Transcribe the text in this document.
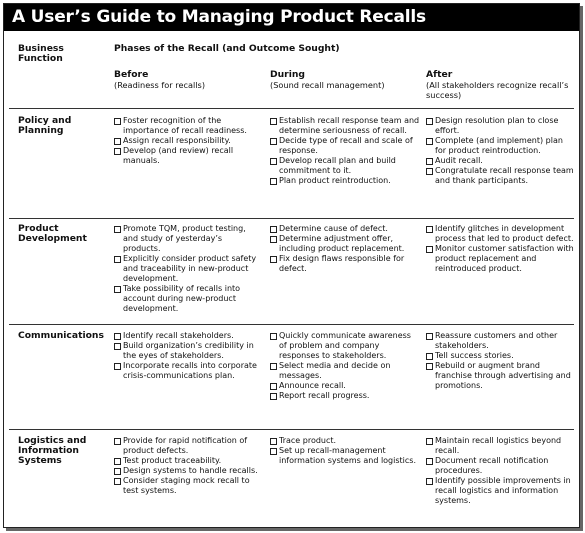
A User’s Guide to Managing Product Recalls
Business Function
Phases of the Recall (and Outcome Sought)
Before
(Readiness for recalls)
During
(Sound recall management)
After
(All stakeholders recognize recall’s success)
Policy and Planning
Foster recognition of the importance of recall readiness.
Assign recall responsibility.
Develop (and review) recall manuals.
Establish recall response team and determine seriousness of recall.
Decide type of recall and scale of response.
Develop recall plan and build commitment to it.
Plan product reintroduction.
Design resolution plan to close effort.
Complete (and implement) plan for product reintroduction.
Audit recall.
Congratulate recall response team and thank participants.
Product Development
Promote TQM, product testing, and study of yesterday’s products.
Explicitly consider product safety and traceability in new-product development.
Take possibility of recalls into account during new-product development.
Determine cause of defect.
Determine adjustment offer, including product replacement.
Fix design flaws responsible for defect.
Identify glitches in development process that led to product defect.
Monitor customer satisfaction with product replacement and reintroduced product.
Communications	Identify recall stakeholders.
Build organization’s credibility in the eyes of stakeholders.
Incorporate recalls into corporate crisis-communications plan.
Quickly communicate awareness of problem and company responses to stakeholders.
Select media and decide on messages.
Announce recall.
Report recall progress.
Reassure customers and other stakeholders.
Tell success stories.
Rebuild or augment brand franchise through advertising and promotions.
Logistics and Information Systems
Provide for rapid notification of product defects.
Test product traceability.
Design systems to handle recalls.
Consider staging mock recall to test systems.
Trace product.
Set up recall-management information systems and logistics.
Maintain recall logistics beyond recall.
Document recall notification procedures.
Identify possible improvements in recall logistics and information systems.
